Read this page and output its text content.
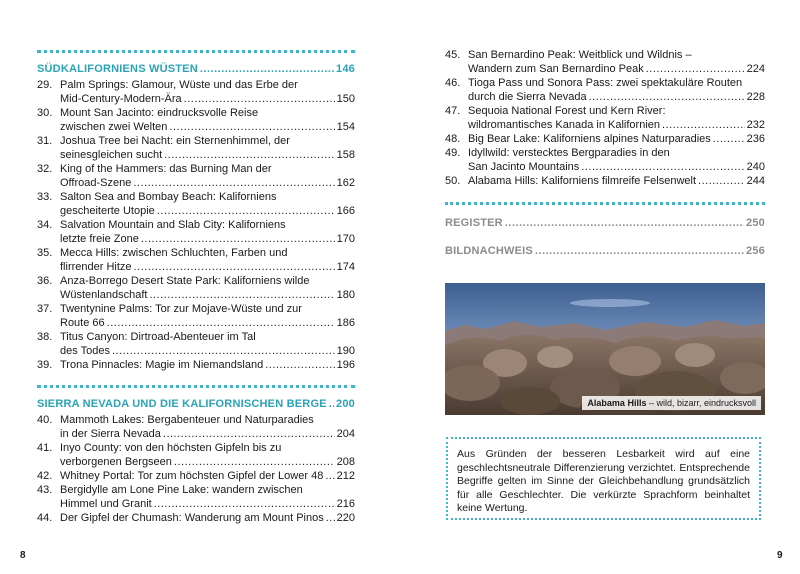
SÜDKALIFORNIENS WÜSTEN .....	146
29. Palm Springs: Glamour, Wüste und das Erbe der
Mid-Century-Modern-Ära .....	150
30. Mount San Jacinto: eindrucksvolle Reise
zwischen zwei Welten .....	154
31. Joshua Tree bei Nacht: ein Sternenhimmel, der
seinesgleichen sucht .....	158
32. King of the Hammers: das Burning Man der
Offroad-Szene .....	162
33. Salton Sea and Bombay Beach: Kaliforniens
gescheiterte Utopie .....	166
34. Salvation Mountain and Slab City: Kaliforniens
letzte freie Zone .....	170
35. Mecca Hills: zwischen Schluchten, Farben und
flirrender Hitze .....	174
36. Anza-Borrego Desert State Park: Kaliforniens wilde
Wüstenlandschaft .....	180
37. Twentynine Palms: Tor zur Mojave-Wüste und zur
Route 66 .....	186
38. Titus Canyon: Dirtroad-Abenteuer im Tal
des Todes .....	190
39. Trona Pinnacles: Magie im Niemandsland .....	196
SIERRA NEVADA UND DIE KALIFORNISCHEN BERGE ..... 200
40. Mammoth Lakes: Bergabenteuer und Naturparadies
in der Sierra Nevada .....	204
41. Inyo County: von den höchsten Gipfeln bis zu
verborgenen Bergseen .....	208
42. Whitney Portal: Tor zum höchsten Gipfel der Lower 48 ..... 212
43. Bergidylle am Lone Pine Lake: wandern zwischen
Himmel und Granit .....	216
44. Der Gipfel der Chumash: Wanderung am Mount Pinos ..... 220
8
45. San Bernardino Peak: Weitblick und Wildnis –
Wandern zum San Bernardino Peak .....	224
46. Tioga Pass und Sonora Pass: zwei spektakuläre Routen
durch die Sierra Nevada .....	228
47. Sequoia National Forest und Kern River:
wildromantisches Kanada in Kalifornien .....	232
48. Big Bear Lake: Kaliforniens alpines Naturparadies .....	236
49. Idyllwild: verstecktes Bergparadies in den
San Jacinto Mountains .....	240
50. Alabama Hills: Kaliforniens filmreife Felsenwelt .....	244
REGISTER .....	250
BILDNACHWEIS .....	256
9
Alabama Hills – wild, bizarr, eindrucksvoll
Aus Gründen der besseren Lesbarkeit wird auf eine geschlechtsneutrale Differenzierung verzichtet. Entsprechende Begriffe gelten im Sinne der Gleichbehandlung grundsätzlich für alle Geschlechter. Die verkürzte Sprachform beinhaltet keine Wertung.
